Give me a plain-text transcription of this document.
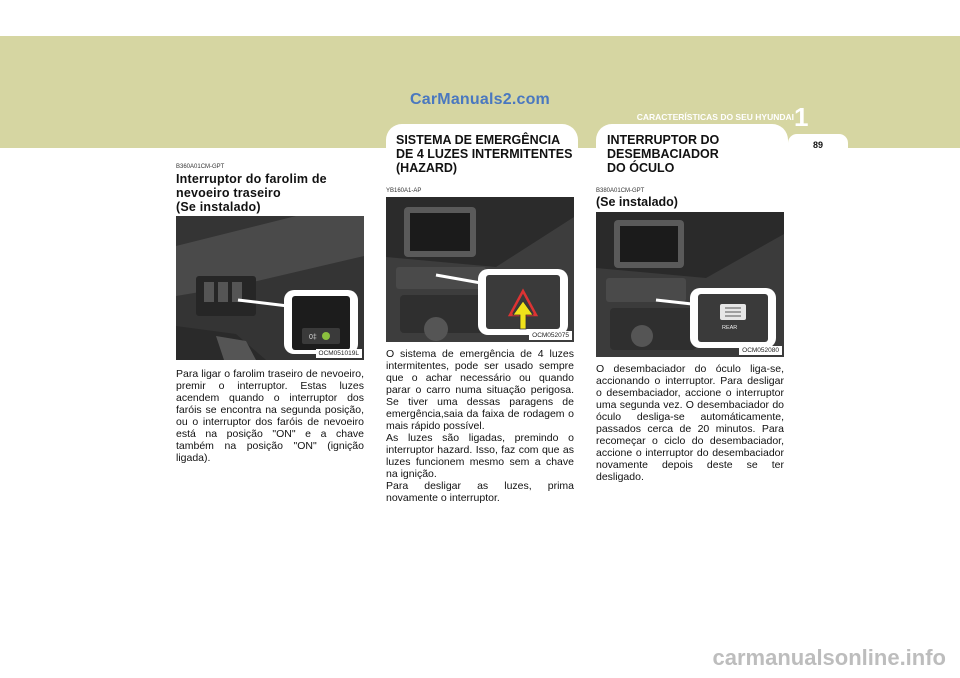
CarManuals2.com
CARACTERÍSTICAS DO SEU HYUNDAI 1
89
B360A01CM-GPT
Interruptor do farolim de nevoeiro traseiro
(Se instalado)
0‡
OCM051019L
Para ligar o farolim traseiro de nevoeiro, premir o interruptor. Estas luzes acendem quando o interruptor dos faróis se encontra na segunda posição, ou o interruptor dos faróis de nevoeiro está na posição "ON" e a chave também na posição "ON" (ignição ligada).
SISTEMA DE EMERGÊNCIA DE 4 LUZES INTERMITENTES (HAZARD)
YB160A1-AP
OCM052075
O sistema de emergência de 4 luzes intermitentes, pode ser usado sempre que o achar necessário ou quando parar o carro numa situação perigosa. Se tiver uma dessas paragens de emergência,saia da faixa de rodagem o mais rápido possível.
As luzes são ligadas, premindo o interruptor hazard. Isso, faz com que as luzes funcionem mesmo sem a chave na ignição.
Para desligar as luzes, prima novamente o interruptor.
INTERRUPTOR DO DESEMBACIADOR DO ÓCULO
B380A01CM-GPT
(Se instalado)
REAR
OCM052080
O desembaciador do óculo liga-se, accionando o interruptor. Para desligar o desembaciador, accione o interruptor uma segunda vez. O desembaciador do óculo desliga-se automáticamente, passados cerca de 20 minutos. Para recomeçar o ciclo do desembaciador, accione o interruptor do desembaciador novamente depois deste se ter desligado.
carmanualsonline.info
